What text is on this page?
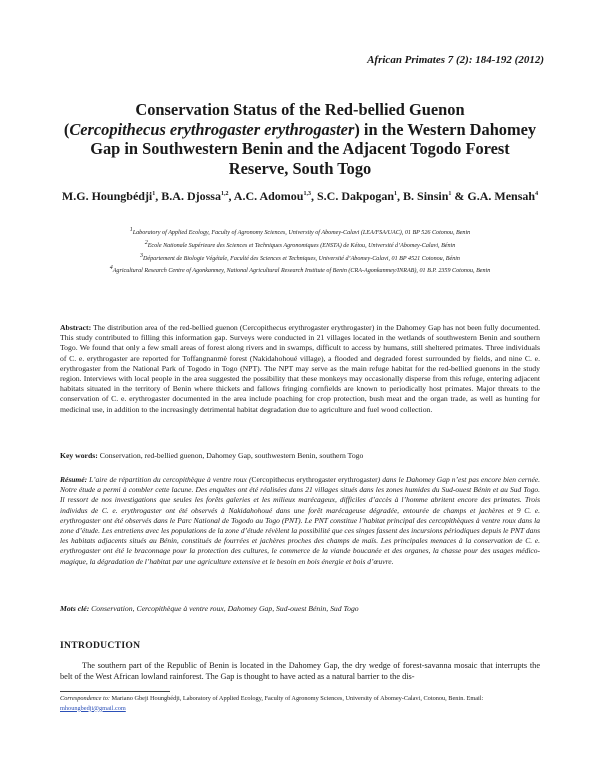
African Primates 7 (2): 184-192 (2012)
Conservation Status of the Red-bellied Guenon
(Cercopithecus erythrogaster erythrogaster) in the Western Dahomey Gap in Southwestern Benin and the Adjacent Togodo Forest Reserve, South Togo
M.G. Houngbédji$^1$, B.A. Djossa$^{1,2}$, A.C. Adomou$^{1,3}$, S.C. Dakpogan$^1$, B. Sinsin$^1$ & G.A. Mensah$^4$
$^1$Laboratory of Applied Ecology, Faculty of Agronomy Sciences, University of Abomey-Calavi (LEA/FSA/UAC), 01 BP 526 Cotonou, Benin
$^2$Ecole Nationale Supérieure des Sciences et Techniques Agronomiques (ENSTA) de Kétou, Université d’Abomey-Calavi, Bénin
$^3$Département de Biologie Végétale, Faculté des Sciences et Techniques, Université d’Abomey-Calavi, 01 BP 4521 Cotonou, Bénin
$^4$Agricultural Research Centre of Agonkanmey, National Agricultural Research Institute of Benin (CRA-Agonkanmey/INRAB), 01 B.P. 2359 Cotonou, Benin
Abstract: The distribution area of the red-bellied guenon (Cercopithecus erythrogaster erythrogaster) in the Dahomey Gap has not been fully documented. This study contributed to filling this information gap. Surveys were conducted in 21 villages located in the wetlands of southwestern Benin and southern Togo. We found that only a few small areas of forest along rivers and in swamps, difficult to access by humans, still sheltered primates. Three individuals of C. e. erythrogaster are reported for Toffangnanmè forest (Nakidahohoué village), a flooded and degraded forest surrounded by fields, and nine C. e. erythrogaster from the National Park of Togodo in Togo (NPT). The NPT may serve as the main refuge habitat for the red-bellied guenons in the study region. Interviews with local people in the area suggested the possibility that these monkeys may occasionally disperse from this refuge, entering adjacent habitats situated in the territory of Benin where thickets and fallows fringing cornfields are known to periodically host primates. Major threats to the conservation of C. e. erythrogaster documented in the area include poaching for crop protection, bush meat and the organ trade, as well as hunting for medicinal use, in addition to the increasingly detrimental habitat degradation due to agriculture and fuel wood collection.
Key words: Conservation, red-bellied guenon, Dahomey Gap, southwestern Benin, southern Togo
Résumé: L’aire de répartition du cercopithèque à ventre roux (Cercopithecus erythrogaster erythrogaster) dans le Dahomey Gap n’est pas encore bien cernée. Notre étude a permi à combler cette lacune. Des enquêtes ont été réalisées dans 21 villages situés dans les zones humides du Sud-ouest Bénin et au Sud Togo. Il ressort de nos investigations que seules les forêts galeries et les milieux marécageux, difficiles d’accès à l’homme abritent encore des primates. Trois individus de C. e. erythrogaster ont été observés à Nakidahohoué dans une forêt marécageuse dégradée, entourée de champs et jachères et 9 C. e. erythrogaster ont été observés dans le Parc National de Togodo au Togo (PNT). Le PNT constitue l’habitat principal des cercopithèques à ventre roux dans la zone d’étude. Les entretiens avec les populations de la zone d’étude révèlent la possibilité que ces singes fassent des incursions périodiques depuis le PNT dans les habitats adjacents situés au Bénin, constitués de fourrées et jachères proches des champs de maïs. Les principales menaces à la conservation de C. e. erythrogaster ont été le braconnage pour la protection des cultures, le commerce de la viande boucanée et des organes, la chasse pour des usages médico-magique, la dégradation de l’habitat par une agriculture extensive et le besoin en bois énergie et bois d’œuvre.
Mots clé: Conservation, Cercopithèque à ventre roux, Dahomey Gap, Sud-ouest Bénin, Sud Togo
INTRODUCTION
The southern part of the Republic of Benin is located in the Dahomey Gap, the dry wedge of forest-savanna mosaic that interrupts the belt of the West African lowland rainforest. The Gap is thought to have acted as a natural barrier to the dis-
Correspondence to: Mariano Gbeji Houngbédji, Laboratory of Applied Ecology, Faculty of Agronomy Sciences, University of Abomey-Calavi, Cotonou, Benin. Email: mhoungbedji@gmail.com
